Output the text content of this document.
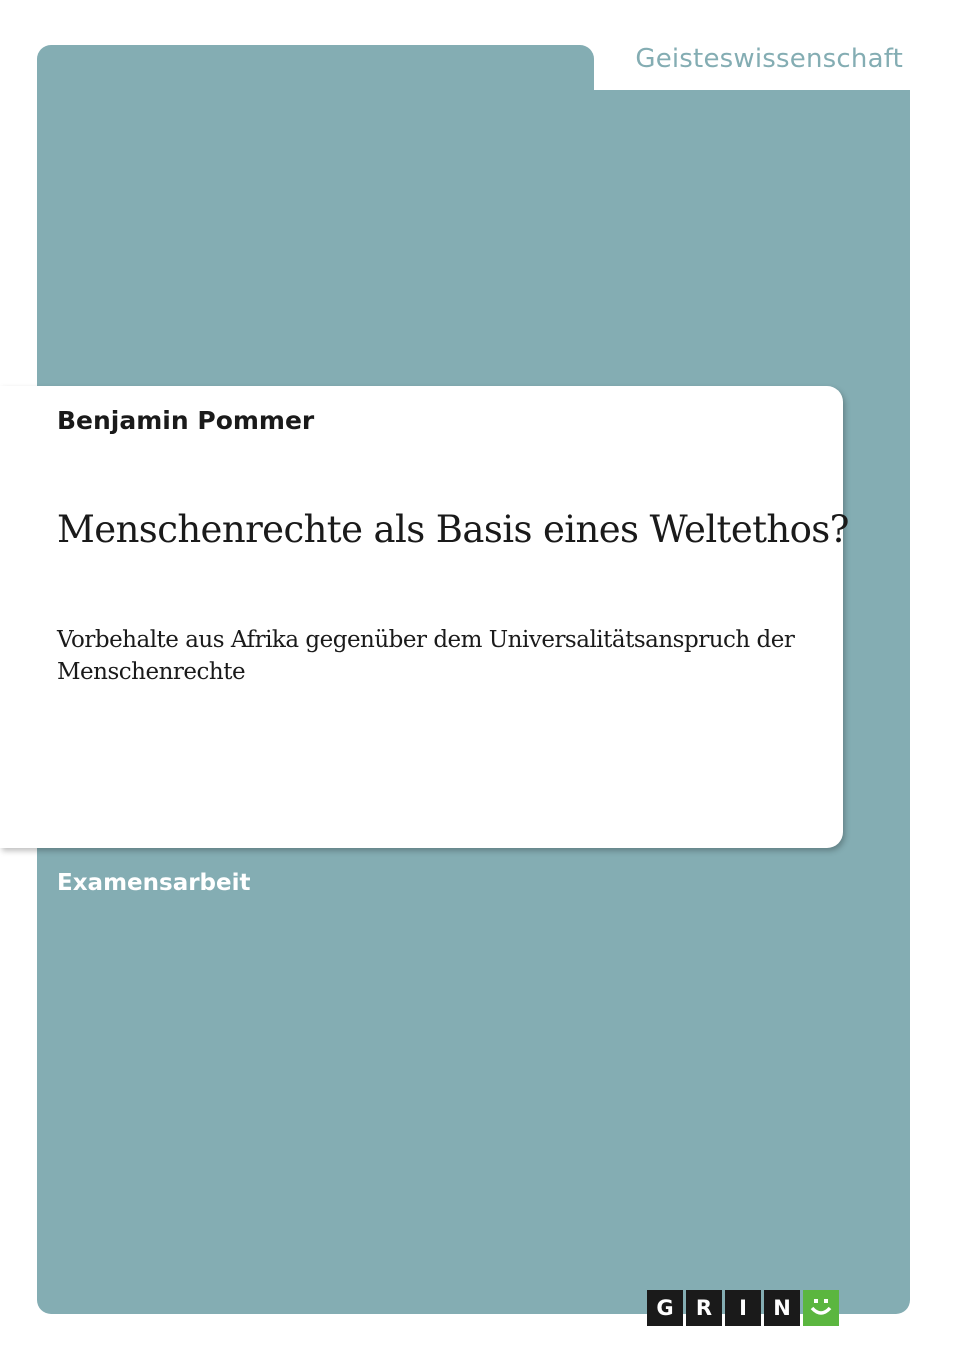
Geisteswissenschaft
Benjamin Pommer
Menschenrechte als Basis eines Weltethos?
Vorbehalte aus Afrika gegenüber dem Universalitätsanspruch der Menschenrechte
Examensarbeit
G	R	I	N
